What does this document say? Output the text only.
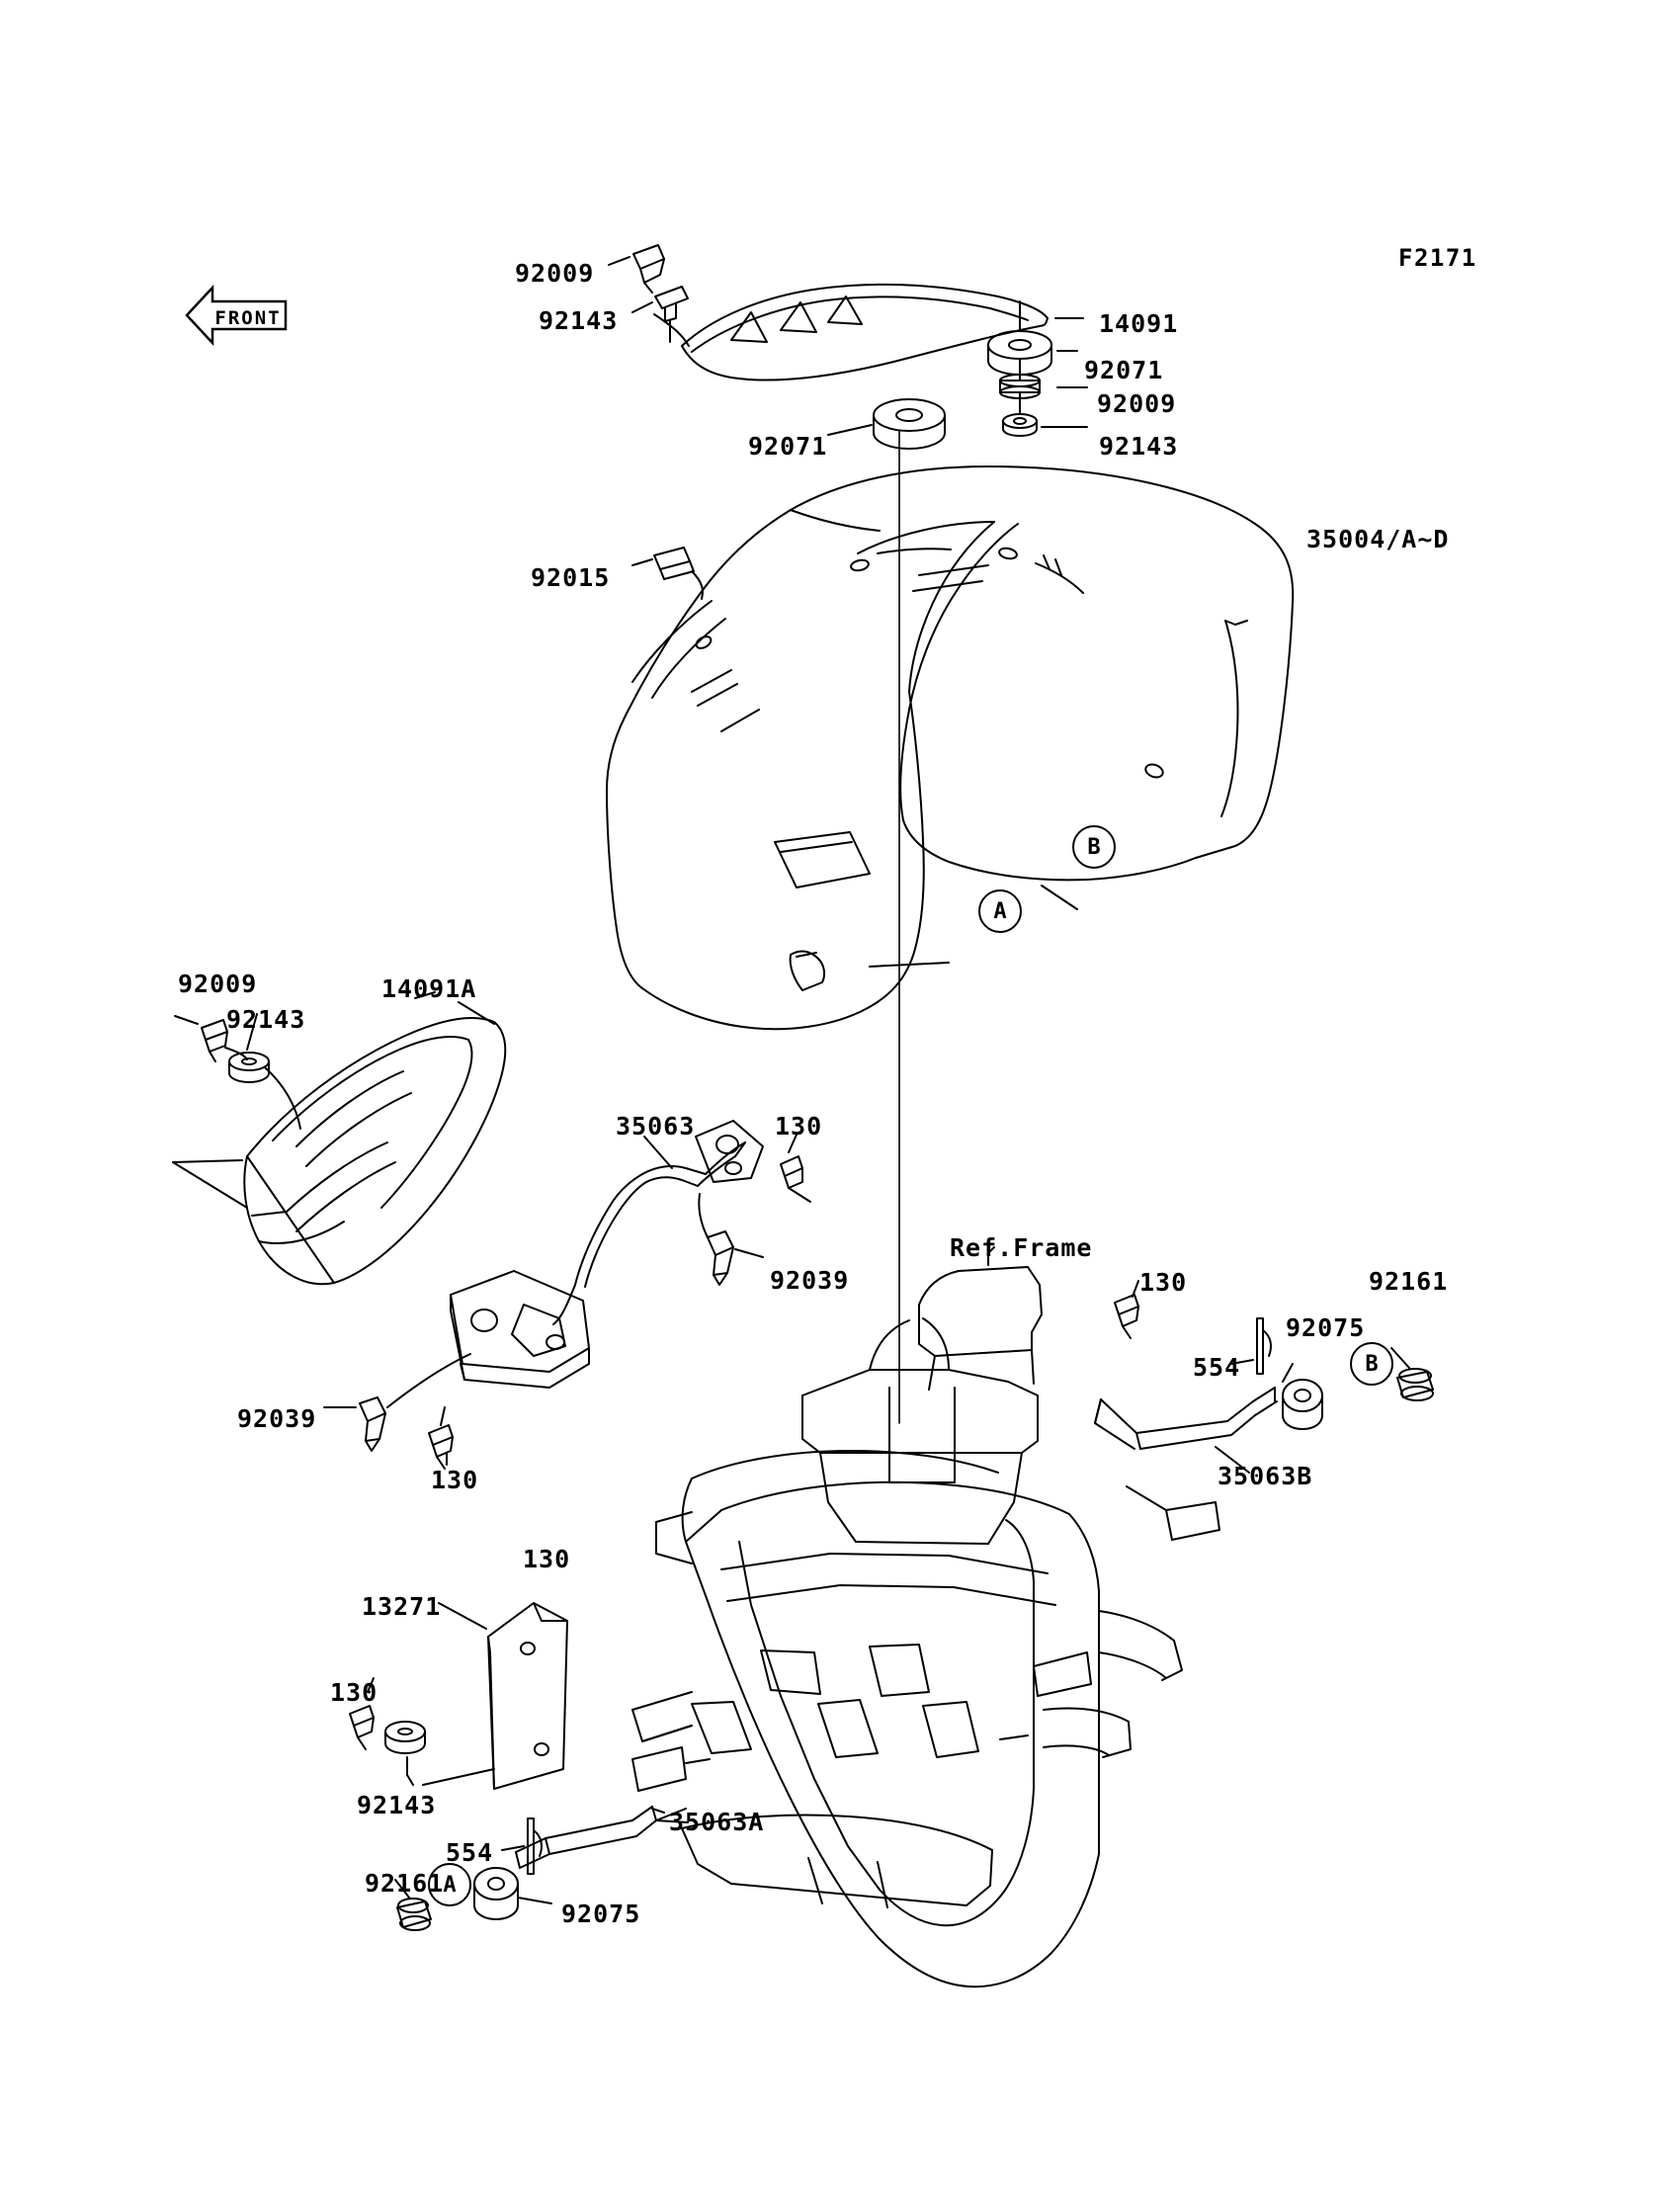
F2171
FRONT
A
B
B
A
92009
92143	14091
92071
92009
92143
92071
35004/A~D
92015
92009
92143
14091A
35063	130
92039
Ref.Frame
130	92161
92075
554
92039
35063B
130
130
13271
130
92143
35063A
554
92161
92075
